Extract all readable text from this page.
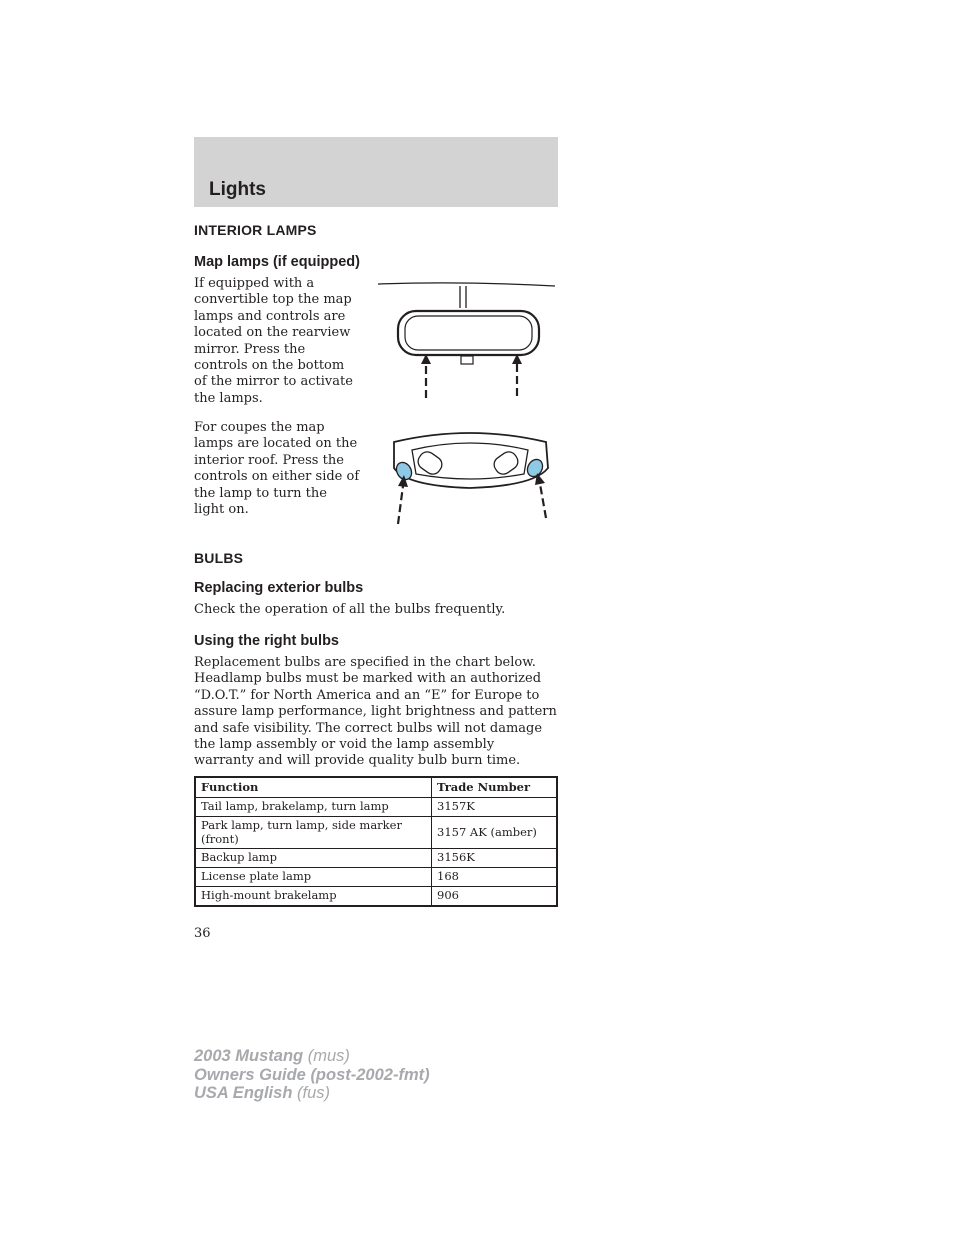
Lights
INTERIOR LAMPS
Map lamps (if equipped)

If equipped with a convertible top the map lamps and controls are located on the rearview mirror. Press the controls on the bottom of the mirror to activate the lamps.

For coupes the map lamps are located on the interior roof. Press the controls on either side of the lamp to turn the light on.

BULBS
Replacing exterior bulbs

Check the operation of all the bulbs frequently.

Using the right bulbs

Replacement bulbs are specified in the chart below. Headlamp bulbs must be marked with an authorized “D.O.T.” for North America and an “E” for Europe to assure lamp performance, light brightness and pattern and safe visibility. The correct bulbs will not damage the lamp assembly or void the lamp assembly warranty and will provide quality bulb burn time.

Function	Trade Number
Tail lamp, brakelamp, turn lamp	3157K
Park lamp, turn lamp, side marker (front)	3157 AK (amber)
Backup lamp	3156K
License plate lamp	168
High-mount brakelamp	906

36

2003 Mustang (mus)
Owners Guide (post-2002-fmt)
USA English (fus)
